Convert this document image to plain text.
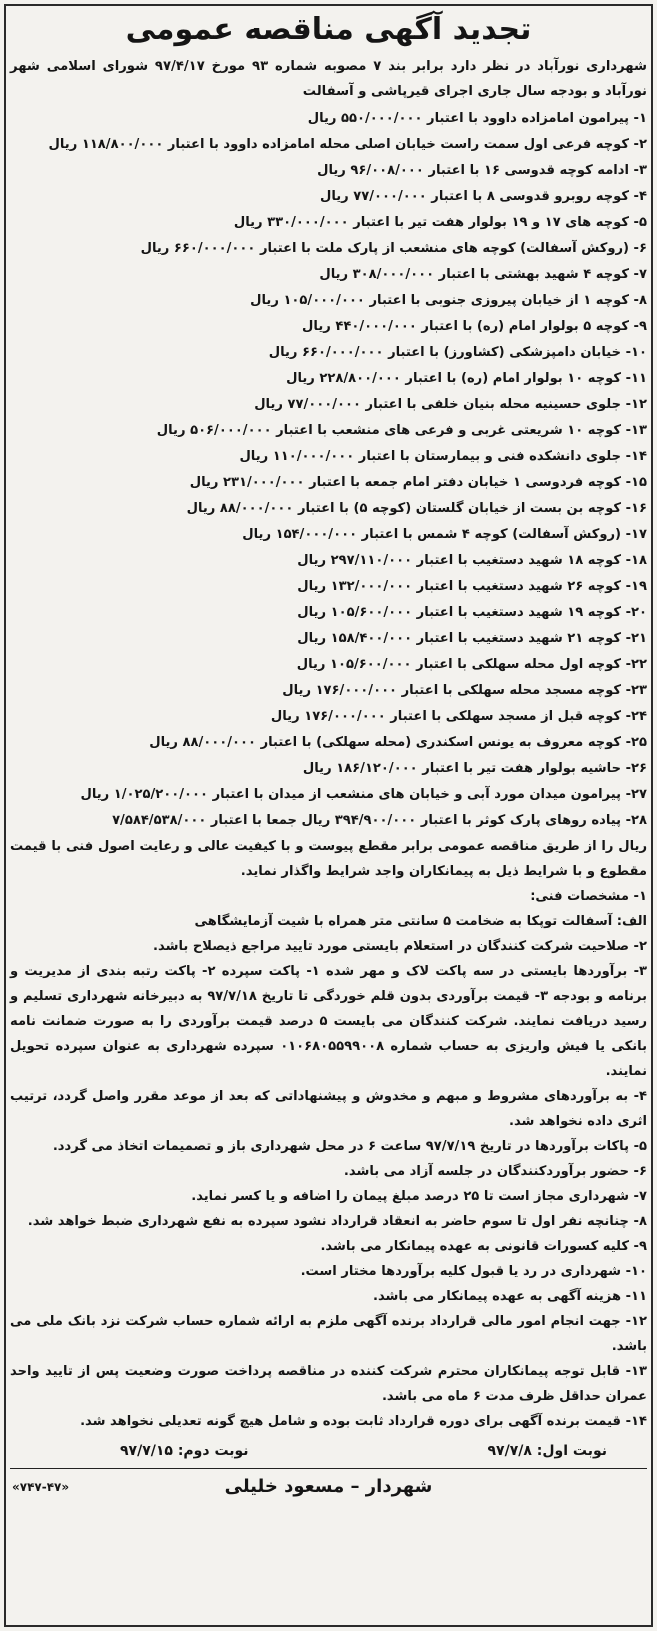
تجدید آگهی مناقصه عمومی

شهرداری نورآباد در نظر دارد برابر بند ۷ مصوبه شماره ۹۳ مورخ ۹۷/۴/۱۷ شورای اسلامی شهر نورآباد و بودجه سال جاری اجرای قیرپاشی و آسفالت

۱- پیرامون امامزاده داوود با اعتبار ۵۵۰/۰۰۰/۰۰۰ ریال
۲- کوچه فرعی اول سمت راست خیابان اصلی محله امامزاده داوود با اعتبار ۱۱۸/۸۰۰/۰۰۰ ریال
۳- ادامه کوچه قدوسی ۱۶ با اعتبار ۹۶/۰۰۸/۰۰۰ ریال
۴- کوچه روبرو قدوسی ۸ با اعتبار ۷۷/۰۰۰/۰۰۰ ریال
۵- کوچه های ۱۷ و ۱۹ بولوار هفت تیر با اعتبار ۳۳۰/۰۰۰/۰۰۰ ریال
۶- (روکش آسفالت) کوچه های منشعب از پارک ملت با اعتبار ۶۶۰/۰۰۰/۰۰۰ ریال
۷- کوچه ۴ شهید بهشتی با اعتبار ۳۰۸/۰۰۰/۰۰۰ ریال
۸- کوچه ۱ از خیابان پیروزی جنوبی با اعتبار ۱۰۵/۰۰۰/۰۰۰ ریال
۹- کوچه ۵ بولوار امام (ره) با اعتبار ۴۴۰/۰۰۰/۰۰۰ ریال
۱۰- خیابان دامپزشکی (کشاورز) با اعتبار ۶۶۰/۰۰۰/۰۰۰ ریال
۱۱- کوچه ۱۰ بولوار امام (ره) با اعتبار ۲۲۸/۸۰۰/۰۰۰ ریال
۱۲- جلوی حسینیه محله بنیان خلفی با اعتبار ۷۷/۰۰۰/۰۰۰ ریال
۱۳- کوچه ۱۰ شریعتی غربی و فرعی های منشعب با اعتبار ۵۰۶/۰۰۰/۰۰۰ ریال
۱۴- جلوی دانشکده فنی و بیمارستان با اعتبار ۱۱۰/۰۰۰/۰۰۰ ریال
۱۵- کوچه فردوسی ۱ خیابان دفتر امام جمعه با اعتبار ۲۳۱/۰۰۰/۰۰۰ ریال
۱۶- کوچه بن بست از خیابان گلستان (کوچه ۵) با اعتبار ۸۸/۰۰۰/۰۰۰ ریال
۱۷- (روکش آسفالت) کوچه ۴ شمس با اعتبار ۱۵۴/۰۰۰/۰۰۰ ریال
۱۸- کوچه ۱۸ شهید دستغیب با اعتبار ۲۹۷/۱۱۰/۰۰۰ ریال
۱۹- کوچه ۲۶ شهید دستغیب با اعتبار ۱۳۲/۰۰۰/۰۰۰ ریال
۲۰- کوچه ۱۹ شهید دستغیب با اعتبار ۱۰۵/۶۰۰/۰۰۰ ریال
۲۱- کوچه ۲۱ شهید دستغیب با اعتبار ۱۵۸/۴۰۰/۰۰۰ ریال
۲۲- کوچه اول محله سهلکی با اعتبار ۱۰۵/۶۰۰/۰۰۰ ریال
۲۳- کوچه مسجد محله سهلکی با اعتبار ۱۷۶/۰۰۰/۰۰۰ ریال
۲۴- کوچه قبل از مسجد سهلکی با اعتبار ۱۷۶/۰۰۰/۰۰۰ ریال
۲۵- کوچه معروف به یونس اسکندری (محله سهلکی) با اعتبار ۸۸/۰۰۰/۰۰۰ ریال
۲۶- حاشیه بولوار هفت تیر با اعتبار ۱۸۶/۱۲۰/۰۰۰ ریال
۲۷- پیرامون میدان مورد آبی و خیابان های منشعب از میدان با اعتبار ۱/۰۲۵/۲۰۰/۰۰۰ ریال
۲۸- پیاده روهای پارک کوثر با اعتبار ۳۹۴/۹۰۰/۰۰۰ ریال جمعا با اعتبار ۷/۵۸۴/۵۳۸/۰۰۰

ریال را از طریق مناقصه عمومی برابر مقطع پیوست و با کیفیت عالی و رعایت اصول فنی با قیمت مقطوع و با شرایط ذیل به پیمانکاران واجد شرایط واگذار نماید.

۱- مشخصات فنی:

الف: آسفالت توپکا به ضخامت ۵ سانتی متر همراه با شیت آزمایشگاهی

۲- صلاحیت شرکت کنندگان در استعلام بایستی مورد تایید مراجع ذیصلاح باشد.

۳- برآوردها بایستی در سه پاکت لاک و مهر شده ۱- پاکت سپرده ۲- پاکت رتبه بندی از مدیریت و برنامه و بودجه ۳- قیمت برآوردی بدون قلم خوردگی تا تاریخ ۹۷/۷/۱۸ به دبیرخانه شهرداری تسلیم و رسید دریافت نمایند. شرکت کنندگان می بایست ۵ درصد قیمت برآوردی را به صورت ضمانت نامه بانکی یا فیش واریزی به حساب شماره ۰۱۰۶۸۰۵۵۹۹۰۰۸ سپرده شهرداری به عنوان سپرده تحویل نمایند.

۴- به برآوردهای مشروط و مبهم و مخدوش و پیشنهاداتی که بعد از موعد مقرر واصل گردد، ترتیب اثری داده نخواهد شد.

۵- پاکات برآوردها در تاریخ ۹۷/۷/۱۹ ساعت ۶ در محل شهرداری باز و تصمیمات اتخاذ می گردد.

۶- حضور برآوردکنندگان در جلسه آزاد می باشد.

۷- شهرداری مجاز است تا ۲۵ درصد مبلغ پیمان را اضافه و یا کسر نماید.

۸- چنانچه نفر اول تا سوم حاضر به انعقاد قرارداد نشود سپرده به نفع شهرداری ضبط خواهد شد.

۹- کلیه کسورات قانونی به عهده پیمانکار می باشد.

۱۰- شهرداری در رد یا قبول کلیه برآوردها مختار است.

۱۱- هزینه آگهی به عهده پیمانکار می باشد.

۱۲- جهت انجام امور مالی قرارداد برنده آگهی ملزم به ارائه شماره حساب شرکت نزد بانک ملی می باشد.

۱۳- قابل توجه پیمانکاران محترم شرکت کننده در مناقصه پرداخت صورت وضعیت پس از تایید واحد عمران حداقل ظرف مدت ۶ ماه می باشد.

۱۴- قیمت برنده آگهی برای دوره قرارداد ثابت بوده و شامل هیچ گونه تعدیلی نخواهد شد.

نوبت اول: ۹۷/۷/۸
نوبت دوم: ۹۷/۷/۱۵
شهردار – مسعود خلیلی
«۷۴۷-۴۷»
